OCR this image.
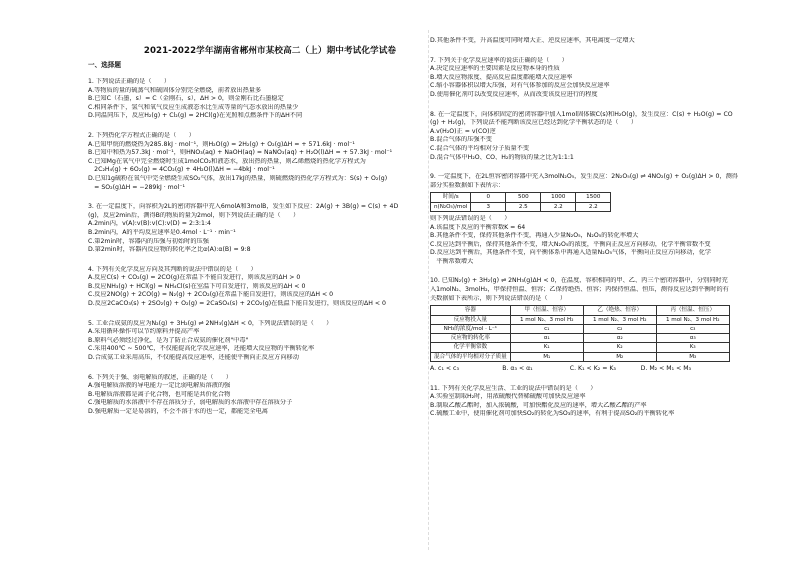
2021-2022学年湖南省郴州市某校高二（上）期中考试化学试卷
一、选择题
1. 下列说法正确的是（　　）
A.等物质的量的硫蒸气和硫固体分别完全燃烧，前者放出热量多
B.已知C（石墨，s）= C（金刚石，s），ΔH > 0，则金刚石比石墨稳定
C.相同条件下，氢气和氧气反应生成液态水比生成等量的气态水放出的热量少
D.同温同压下，反应H₂(g) + Cl₂(g) = 2HCl(g)在光照和点燃条件下的ΔH不同
2. 下列热化学方程式正确的是（　　）
A.已知甲烷的燃烧热为285.8kJ · mol⁻¹，则H₂O(g) = 2H₂(g) + O₂(g)ΔH = + 571.6kJ · mol⁻¹
B.已知中和热为57.3kJ · mol⁻¹，则HNO₃(aq) + NaOH(aq) = NaNO₃(aq) + H₂O(l)ΔH = + 57.3kJ · mol⁻¹
C.已知Mg在氧气中完全燃烧时生成1molCO₂和液态水，放出热的热量，则乙烯燃烧的热化学方程式为
　2C₂H₄(g) + 6O₂(g) = 4CO₂(g) + 4H₂O(l)ΔH = −4bkJ · mol⁻¹
D.已知1g硫粉在氧气中完全燃烧生成SO₂气体，放出17kJ的热量，则硫燃烧的热化学方程式为：S(s) + O₂(g)
　= SO₂(g)ΔH = −289kJ · mol⁻¹
3. 在一定温度下，向容积为2L的密闭容器中充入6molA和3molB，发生如下反应：2A(g) + 3B(g) = C(s) + 4D
(g)，反应2min后，测得B的物质的量为2mol，则下列说法正确的是（　　）
A.2min内，v(A):v(B):v(C):v(D) = 2:3:1:4
B.2min内，A的平均反应速率是0.4mol · L⁻¹ · min⁻¹
C.第2min时，容器内的压强与初始时的压强
D.第2min时，容器内反应物的转化率之比α(A):α(B) = 9:8
4. 下列有关化学反应方向及其判断的说法中错误的是（　　）
A.反应C(s) + CO₂(g) = 2CO(g)在常温下不能自发进行，则该反应的ΔH > 0
B.反应NH₃(g) + HCl(g) = NH₄Cl(s)在室温下可自发进行，则该反应的ΔH < 0
C.反应2NO(g) + 2CO(g) = N₂(g) + 2CO₂(g)在常温下能自发进行，则该反应的ΔH < 0
D.反应2CaCO₃(s) + 2SO₂(g) + O₂(g) = 2CaSO₄(s) + 2CO₂(g)在低温下能自发进行，则该反应的ΔH < 0
5. 工业合成氨的反应为N₂(g) + 3H₂(g) ⇌ 2NH₃(g)ΔH < 0，下列说法错误的是（　　）
A.采用循环操作可以节约原料并提高产率
B.原料气必须经过净化，是为了防止合成氨的催化剂"中毒"
C.采用400℃ ~ 500℃，不仅能提高化学反应速率，还能增大反应物的平衡转化率
D.合成氨工业采用高压，不仅能提高反应速率，还能使平衡向正反应方向移动
6. 下列关于强、弱电解质的叙述，正确的是（　　）
A.强电解质溶液的导电能力一定比弱电解质溶液的强
B.电解质溶液都是离子化合物，也可能是共价化合物
C.强电解质的水溶液中不存在溶质分子，弱电解质的水溶液中存在溶质分子
D.强电解质一定是易溶的，不会不溶于水的也一定，都能完全电离
D.其他条件不变，升高温度可同时增大正、逆反应速率，其电离度一定增大
7. 下列关于化学反应速率的说法正确的是（　　）
A.决定反应速率的主要因素是反应物本身的性质
B.增大反应物浓度、提高反应温度都能增大反应速率
C.缩小容器体积以增大压强，对有气体参加的反应会加快反应速率
D.使用催化剂可以改变反应速率，从而改变该反应进行的程度
8. 在一定温度下，向体积固定的密闭容器中加入1mol固体碳C(s)和H₂O(g)，发生反应：C(s) + H₂O(g) = CO
(g) + H₂(g)，下列说法不能判断该反应已经达到化学平衡状态的是（　　）
A.v(H₂O)正 = v(CO)逆
B.混合气体的压强不变
C.混合气体的平均相对分子质量不变
D.混合气体中H₂O、CO、H₂的物质的量之比为1:1:1
9. 一定温度下，在2L恒容密闭容器中充入3molN₂O₅，发生反应：2N₂O₅(g) ⇌ 4NO₂(g) + O₂(g)ΔH > 0，测得
部分实验数据如下表所示：
时间/s	0	500	1000	1500
n(N₂O₅)/mol	3	2.5	2.2	2.2
则下列说法错误的是（　　）
A.该温度下反应的平衡常数K = 64
B.其他条件不变，保持其他条件不变，再通入少量N₂O₅，N₂O₅的转化率增大
C.反应达到平衡后，保持其他条件不变，增大N₂O₅的浓度，平衡向正反应方向移动，化学平衡常数不变
D.反应达到平衡后，其他条件不变，向平衡体系中再通入适量N₂O₅气体，平衡向正反应方向移动，化学
　平衡常数增大
10. 已知N₂(g) + 3H₂(g) ⇌ 2NH₃(g)ΔH < 0，在温度、容积相同的甲、乙、丙三个密闭容器中，分别同时充
入1molN₂、3molH₂，甲保持恒温、恒容；乙保持绝热、恒容；丙保持恒温、恒压，测得反应达到平衡时的有
关数据如下表所示，则下列说法错误的是（　　）
容器	甲（恒温、恒容）	乙（绝热、恒容）	丙（恒温、恒压）
反应物投入量	1 mol N₂、3 mol H₂	1 mol N₂、3 mol H₂	1 mol N₂、3 mol H₂
NH₃的浓度/mol · L⁻¹	c₁	c₂	c₃
反应物的转化率	α₁	α₂	α₃
化学平衡常数	K₁	K₂	K₃
混合气体的平均相对分子质量	M₁	M₂	M₃
A. c₁ < c₃　　　　　　　B. α₃ < α₁　　　　　　C. K₁ < K₂ = K₃　　　　D. M₂ < M₁ < M₃
11. 下列有关化学反应生活、工业的说法中错误的是（　　）
A.实验室制取H₂时，用浓硫酸代替稀硫酸可加快反应速率
B.制取乙酸乙酯时，加入浓硫酸，可加快酯化反应的速率，增大乙酸乙酯的产率
C.硫酸工业中，使用催化剂可加快SO₂的转化为SO₃的速率，有利于提高SO₂的平衡转化率
